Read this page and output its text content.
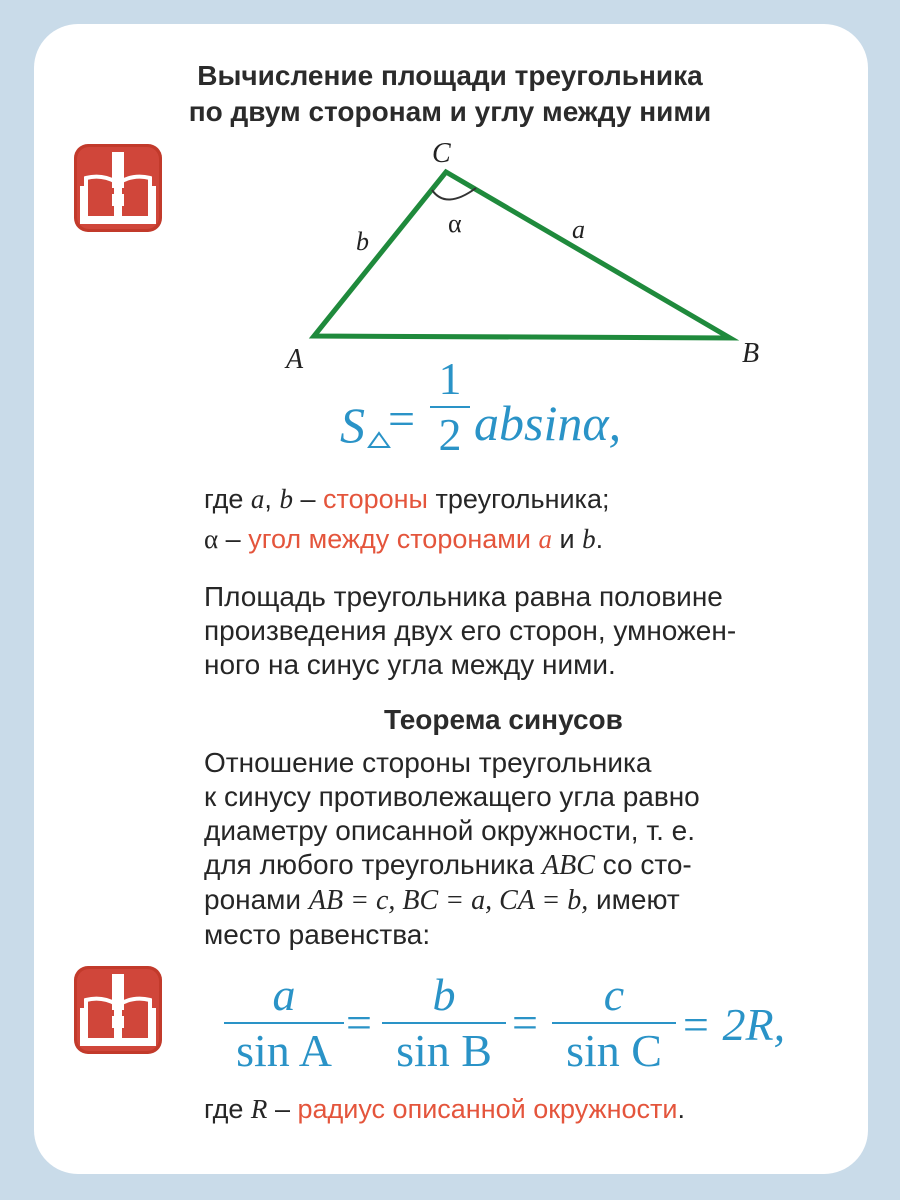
Вычисление площади треугольника
по двум сторонам и углу между ними
C
A	B
b	a
α
S =
1
2 absinα,
где a, b – стороны треугольника;
α – угол между сторонами a и b.
Площадь треугольника равна половине
произведения двух его сторон, умножен-
ного на синус угла между ними.
Теорема синусов
Отношение стороны треугольника
к синусу противолежащего угла равно
диаметру описанной окружности, т. е.
для любого треугольника ABC со сто-
ронами AB = c, BC = a, CA = b, имеют
место равенства:
a
sin A
=
b
sin B
=
c
sin C
= 2R,
где R – радиус описанной окружности.
